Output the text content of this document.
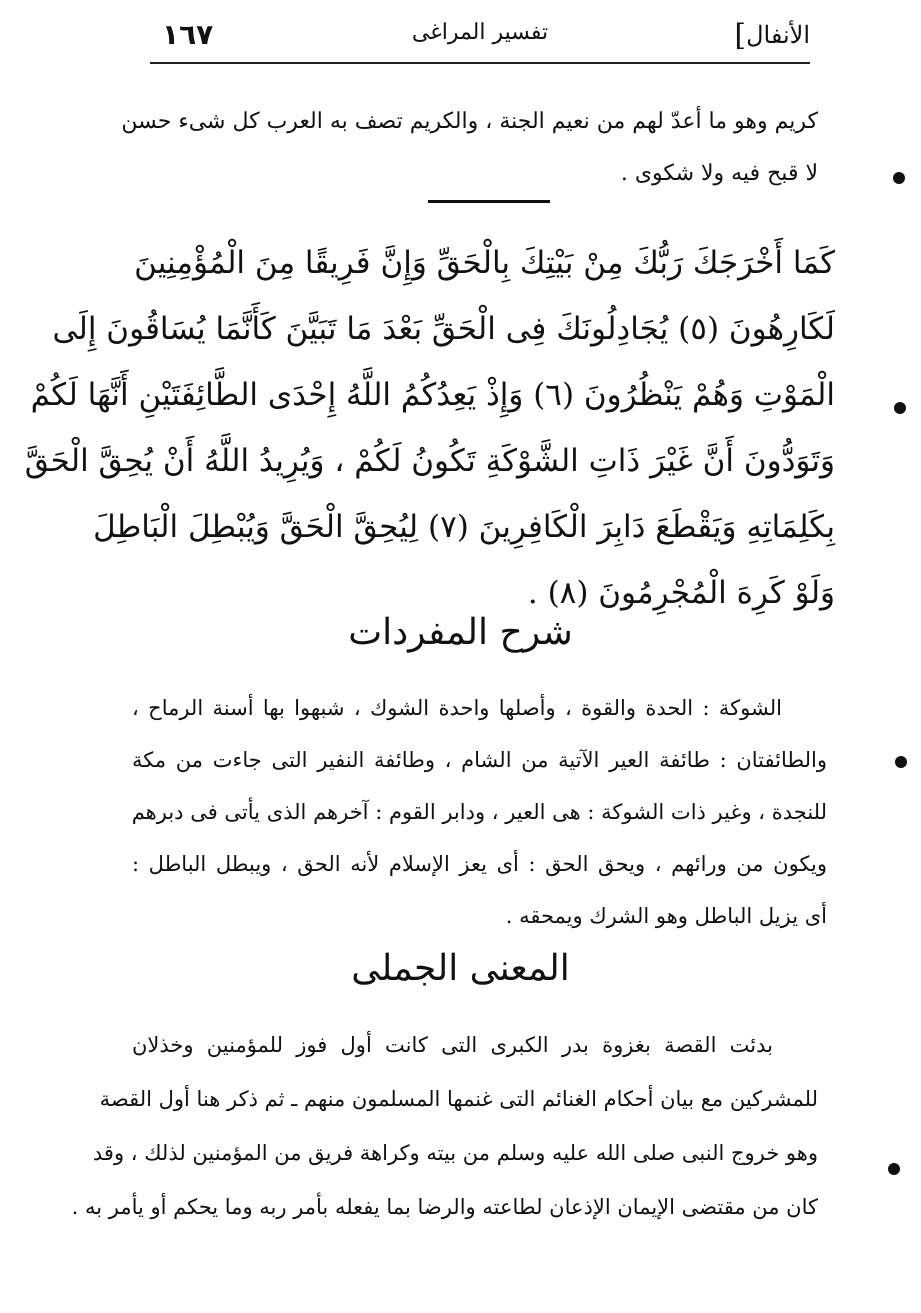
١٦٧	تفسير المراغى	الأنفال]
كريم وهو ما أعدّ لهم من نعيم الجنة ، والكريم تصف به العرب كل شىء حسن
لا قبح فيه ولا شكوى .
كَمَا أَخْرَجَكَ رَبُّكَ مِنْ بَيْتِكَ بِالْحَقِّ وَإِنَّ فَرِيقًا مِنَ الْمُؤْمِنِينَ
لَكَارِهُونَ (٥) يُجَادِلُونَكَ فِى الْحَقِّ بَعْدَ مَا تَبَيَّنَ كَأَنَّمَا يُسَاقُونَ إِلَى
الْمَوْتِ وَهُمْ يَنْظُرُونَ (٦) وَإِذْ يَعِدُكُمُ اللَّهُ إِحْدَى الطَّائِفَتَيْنِ أَنَّهَا لَكُمْ
وَتَوَدُّونَ أَنَّ غَيْرَ ذَاتِ الشَّوْكَةِ تَكُونُ لَكُمْ ، وَيُرِيدُ اللَّهُ أَنْ يُحِقَّ الْحَقَّ
بِكَلِمَاتِهِ وَيَقْطَعَ دَابِرَ الْكَافِرِينَ (٧) لِيُحِقَّ الْحَقَّ وَيُبْطِلَ الْبَاطِلَ
وَلَوْ كَرِهَ الْمُجْرِمُونَ (٨) .
شرح المفردات
الشوكة : الحدة والقوة ، وأصلها واحدة الشوك ، شبهوا بها أسنة الرماح ،
والطائفتان : طائفة العير الآتية من الشام ، وطائفة النفير التى جاءت من مكة
للنجدة ، وغير ذات الشوكة : هى العير ، ودابر القوم : آخرهم الذى يأتى فى دبرهم
ويكون من ورائهم ، ويحق الحق : أى يعز الإسلام لأنه الحق ، ويبطل الباطل :
أى يزيل الباطل وهو الشرك ويمحقه .
المعنى الجملى
بدئت القصة بغزوة بدر الكبرى التى كانت أول فوز للمؤمنين وخذلان
للمشركين مع بيان أحكام الغنائم التى غنمها المسلمون منهم ـ ثم ذكر هنا أول القصة
وهو خروج النبى صلى الله عليه وسلم من بيته وكراهة فريق من المؤمنين لذلك ، وقد
كان من مقتضى الإيمان الإذعان لطاعته والرضا بما يفعله بأمر ربه وما يحكم أو يأمر به .
